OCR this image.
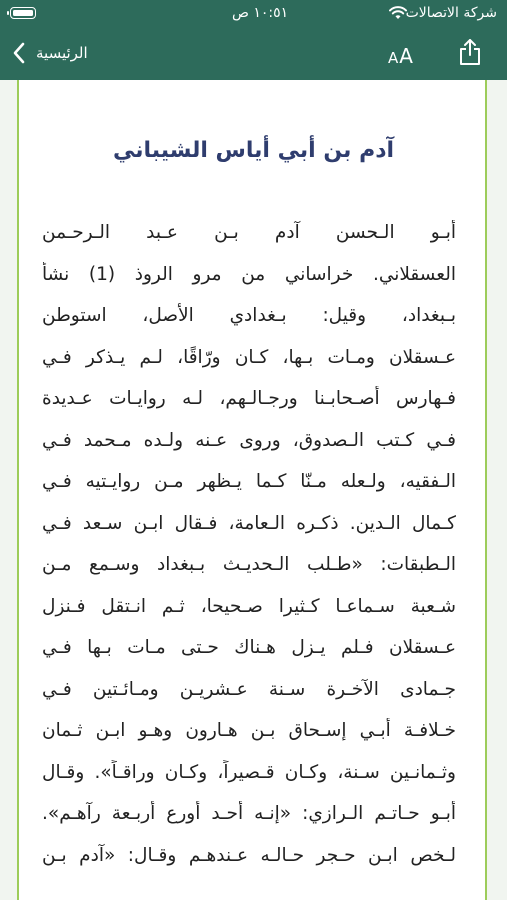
١٠:٥١ ص	شركة الاتصالات
الرئيسية	A A
آدم بن أبي أياس الشيباني
أبـو الـحسن آدم بـن عـبد الـرحـمن
العسقلاني. خراساني من مرو الروذ (1) نشأ
بـبغداد، وقيل: بـغدادي الأصل، استوطن
عـسقلان ومـات بـها، كـان ورّاقًا، لـم يـذكر فـي
فـهارس أصـحابـنا ورجـالـهم، لـه روايـات عـديدة
فـي كـتب الـصدوق، وروى عـنه ولـده مـحمد فـي
الـفقيه، ولـعله مـنّا كـما يـظهر مـن روايـتيه فـي
كـمال الـدين. ذكـره الـعامة، فـقال ابـن سـعد فـي
الـطبقات: «طـلب الـحديـث بـبغداد وسـمع مـن
شـعبة سـماعـا كـثيرا صـحيحا، ثـم انـتقل فـنزل
عـسقلان فـلم يـزل هـناك حـتى مـات بـها فـي
جـمادى الآخـرة سـنة عـشريـن ومـائـتين فـي
خـلافـة أبـي إسـحاق بـن هـارون وهـو ابـن ثـمان
وثـمانـين سـنة، وكـان قـصيراً، وكـان وراقـاً». وقـال
أبـو حـاتـم الـرازي: «إنـه أحـد أورع أربـعة رآهـم».
لـخص ابـن حـجر حـالـه عـندهـم وقـال: «آدم بـن
